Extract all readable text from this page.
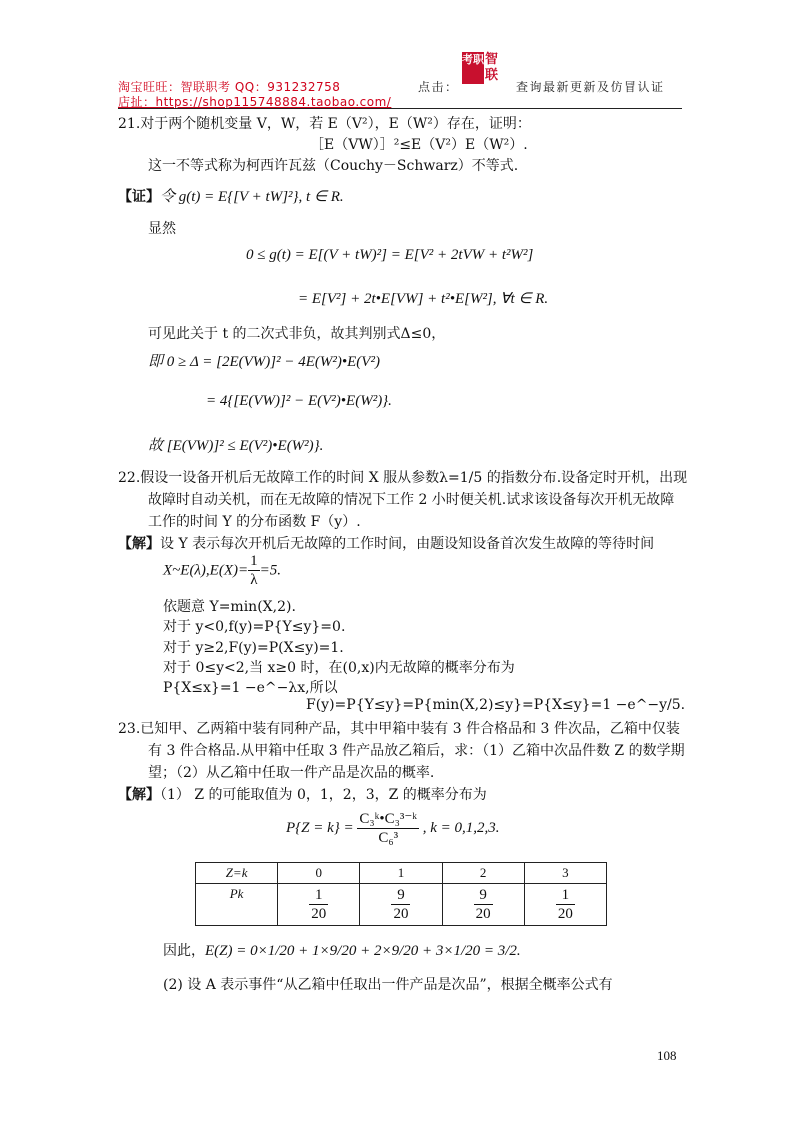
淘宝旺旺：智联职考 QQ：931232758
店扯：https://shop115748884.taobao.com/
点击：
考职 智联
查询最新更新及仿冒认证
21.对于两个随机变量 V，W，若 E（V²），E（W²）存在，证明：
［E（VW）］²≤E（V²）E（W²）.
这一不等式称为柯西许瓦兹（Couchy－Schwarz）不等式.
【证】令 g(t) = E{[V + tW]²}, t ∈ R.
显然
0 ≤ g(t) = E[(V + tW)²] = E[V² + 2tVW + t²W²]
= E[V²] + 2t•E[VW] + t²•E[W²], ∀t ∈ R.
可见此关于 t 的二次式非负，故其判别式Δ≤0，
即 0 ≥ Δ = [2E(VW)]² − 4E(W²)•E(V²)
= 4{[E(VW)]² − E(V²)•E(W²)}.
故 [E(VW)]² ≤ E(V²)•E(W²)}.
22.假设一设备开机后无故障工作的时间 X 服从参数λ=1/5 的指数分布.设备定时开机，出现
故障时自动关机，而在无故障的情况下工作 2 小时便关机.试求该设备每次开机无故障
工作的时间 Y 的分布函数 F（y）.
【解】设 Y 表示每次开机后无故障的工作时间，由题设知设备首次发生故障的等待时间
X~E(λ),E(X)= $\frac{1}{\lambda} =5$.
依题意 Y=min(X,2).
对于 y<0,f(y)=P{Y≤y}=0.
对于 y≥2,F(y)=P(X≤y)=1.
对于 0≤y<2,当 x≥0 时，在(0,x)内无故障的概率分布为
P{X≤x}=1 −e^−λx,所以
F(y)=P{Y≤y}=P{min(X,2)≤y}=P{X≤y}=1 −e^−y/5.
23.已知甲、乙两箱中装有同种产品，其中甲箱中装有 3 件合格品和 3 件次品，乙箱中仅装
有 3 件合格品.从甲箱中任取 3 件产品放乙箱后，求：（1）乙箱中次品件数 Z 的数学期
望；（2）从乙箱中任取一件产品是次品的概率.
【解】（1） Z 的可能取值为 0，1，2，3，Z 的概率分布为
$P\{Z = k\} = \frac{\text{C₃ᵏ•C₃³⁻ᵏ}}{\text{C₆³}}$ , k = 0,1,2,3.
Z=k	0	1	2	3
Pk	$\frac{1}{20}$	$\frac{9}{20}$	$\frac{9}{20}$	$\frac{1}{20}$
因此，E(Z) = 0×1/20 + 1×9/20 + 2×9/20 + 3×1/20 = 3/2.
(2) 设 A 表示事件“从乙箱中任取出一件产品是次品”，根据全概率公式有
108
